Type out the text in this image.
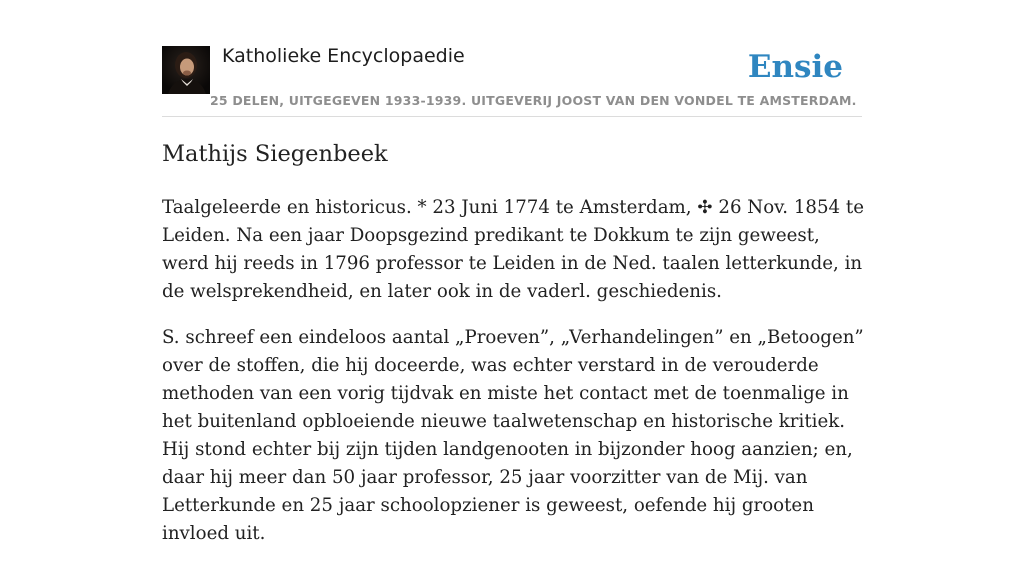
Katholieke Encyclopaedie	Ensie
25 DELEN, UITGEGEVEN 1933-1939. UITGEVERIJ JOOST VAN DEN VONDEL TE AMSTERDAM.
Mathijs Siegenbeek

Taalgeleerde en historicus. * 23 Juni 1774 te Amsterdam, ✣ 26 Nov. 1854 te Leiden. Na een jaar Doopsgezind predikant te Dokkum te zijn geweest, werd hij reeds in 1796 professor te Leiden in de Ned. taalen letterkunde, in de welsprekendheid, en later ook in de vaderl. geschiedenis.

S. schreef een eindeloos aantal „Proeven”, „Verhandelingen” en „Betoogen” over de stoffen, die hij doceerde, was echter verstard in de verouderde methoden van een vorig tijdvak en miste het contact met de toenmalige in het buitenland opbloeiende nieuwe taalwetenschap en historische kritiek. Hij stond echter bij zijn tijden landgenooten in bijzonder hoog aanzien; en, daar hij meer dan 50 jaar professor, 25 jaar voorzitter van de Mij. van Letterkunde en 25 jaar schoolopziener is geweest, oefende hij grooten invloed uit.
